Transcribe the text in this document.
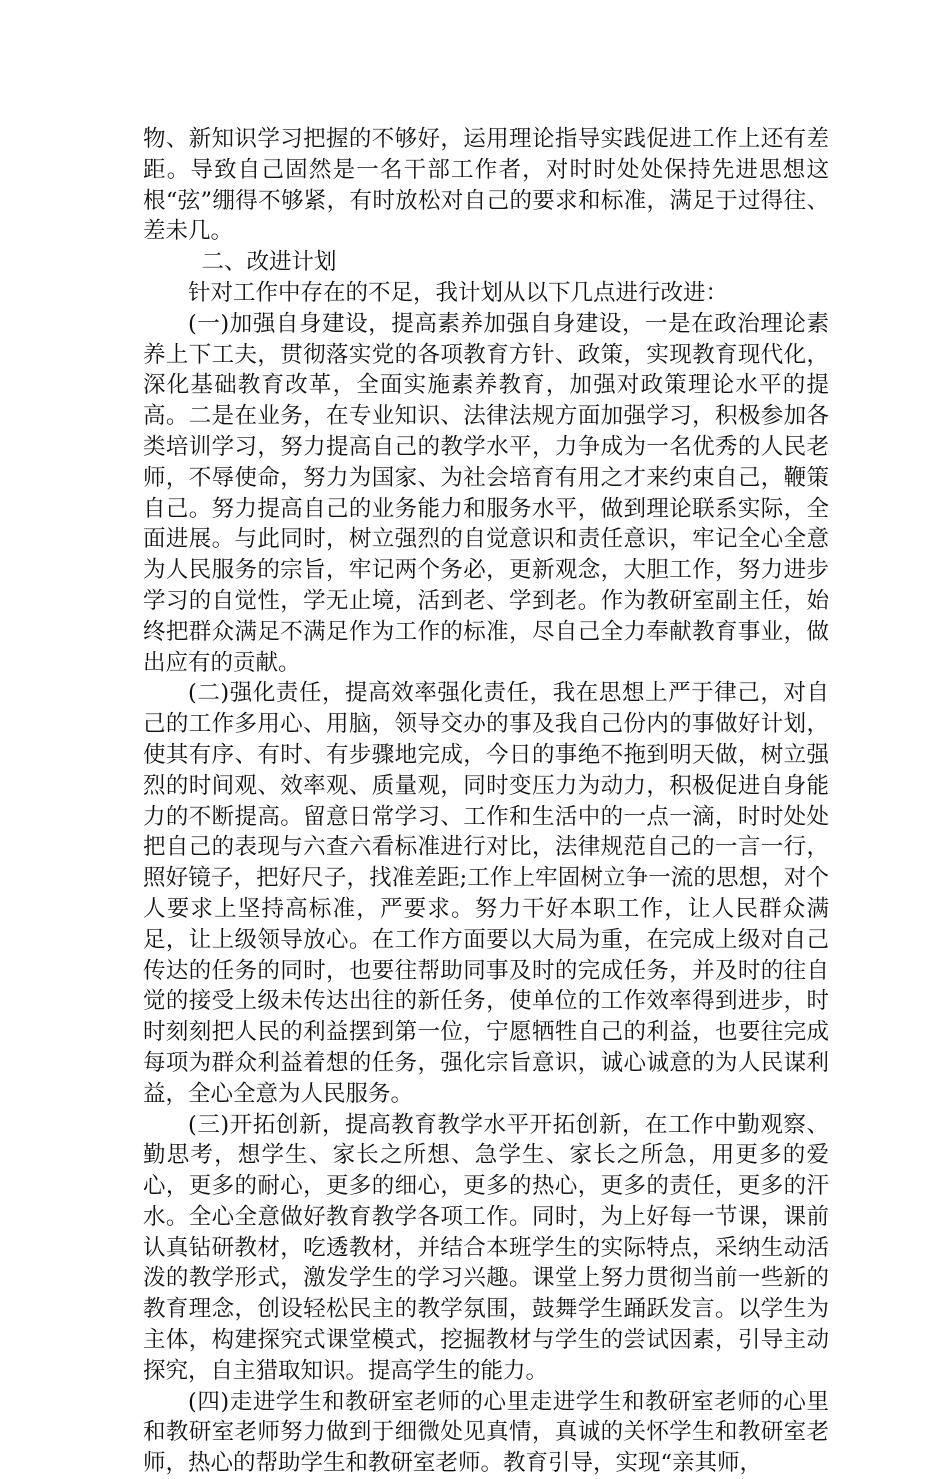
物、新知识学习把握的不够好，运用理论指导实践促进工作上还有差距。导致自己固然是一名干部工作者，对时时处处保持先进思想这根“弦”绷得不够紧，有时放松对自己的要求和标准，满足于过得往、差未几。

二、改进计划

针对工作中存在的不足，我计划从以下几点进行改进：

(一)加强自身建设，提高素养加强自身建设，一是在政治理论素养上下工夫，贯彻落实党的各项教育方针、政策，实现教育现代化，深化基础教育改革，全面实施素养教育，加强对政策理论水平的提高。二是在业务，在专业知识、法律法规方面加强学习，积极参加各类培训学习，努力提高自己的教学水平，力争成为一名优秀的人民老师，不辱使命，努力为国家、为社会培育有用之才来约束自己，鞭策自己。努力提高自己的业务能力和服务水平，做到理论联系实际，全面进展。与此同时，树立强烈的自觉意识和责任意识，牢记全心全意为人民服务的宗旨，牢记两个务必，更新观念，大胆工作，努力进步学习的自觉性，学无止境，活到老、学到老。作为教研室副主任，始终把群众满足不满足作为工作的标准，尽自己全力奉献教育事业，做出应有的贡献。

(二)强化责任，提高效率强化责任，我在思想上严于律己，对自己的工作多用心、用脑，领导交办的事及我自己份内的事做好计划，使其有序、有时、有步骤地完成，今日的事绝不拖到明天做，树立强烈的时间观、效率观、质量观，同时变压力为动力，积极促进自身能力的不断提高。留意日常学习、工作和生活中的一点一滴，时时处处把自己的表现与六查六看标准进行对比，法律规范自己的一言一行，照好镜子，把好尺子，找准差距;工作上牢固树立争一流的思想，对个人要求上坚持高标准，严要求。努力干好本职工作，让人民群众满足，让上级领导放心。在工作方面要以大局为重，在完成上级对自己传达的任务的同时，也要往帮助同事及时的完成任务，并及时的往自觉的接受上级未传达出往的新任务，使单位的工作效率得到进步，时时刻刻把人民的利益摆到第一位，宁愿牺牲自己的利益，也要往完成每项为群众利益着想的任务，强化宗旨意识，诚心诚意的为人民谋利益，全心全意为人民服务。

(三)开拓创新，提高教育教学水平开拓创新，在工作中勤观察、勤思考，想学生、家长之所想、急学生、家长之所急，用更多的爱心，更多的耐心，更多的细心，更多的热心，更多的责任，更多的汗水。全心全意做好教育教学各项工作。同时，为上好每一节课，课前认真钻研教材，吃透教材，并结合本班学生的实际特点，采纳生动活泼的教学形式，激发学生的学习兴趣。课堂上努力贯彻当前一些新的教育理念，创设轻松民主的教学氛围，鼓舞学生踊跃发言。以学生为主体，构建探究式课堂模式，挖掘教材与学生的尝试因素，引导主动探究，自主猎取知识。提高学生的能力。

(四)走进学生和教研室老师的心里走进学生和教研室老师的心里和教研室老师努力做到于细微处见真情，真诚的关怀学生和教研室老师，热心的帮助学生和教研室老师。教育引导，实现“亲其师，
